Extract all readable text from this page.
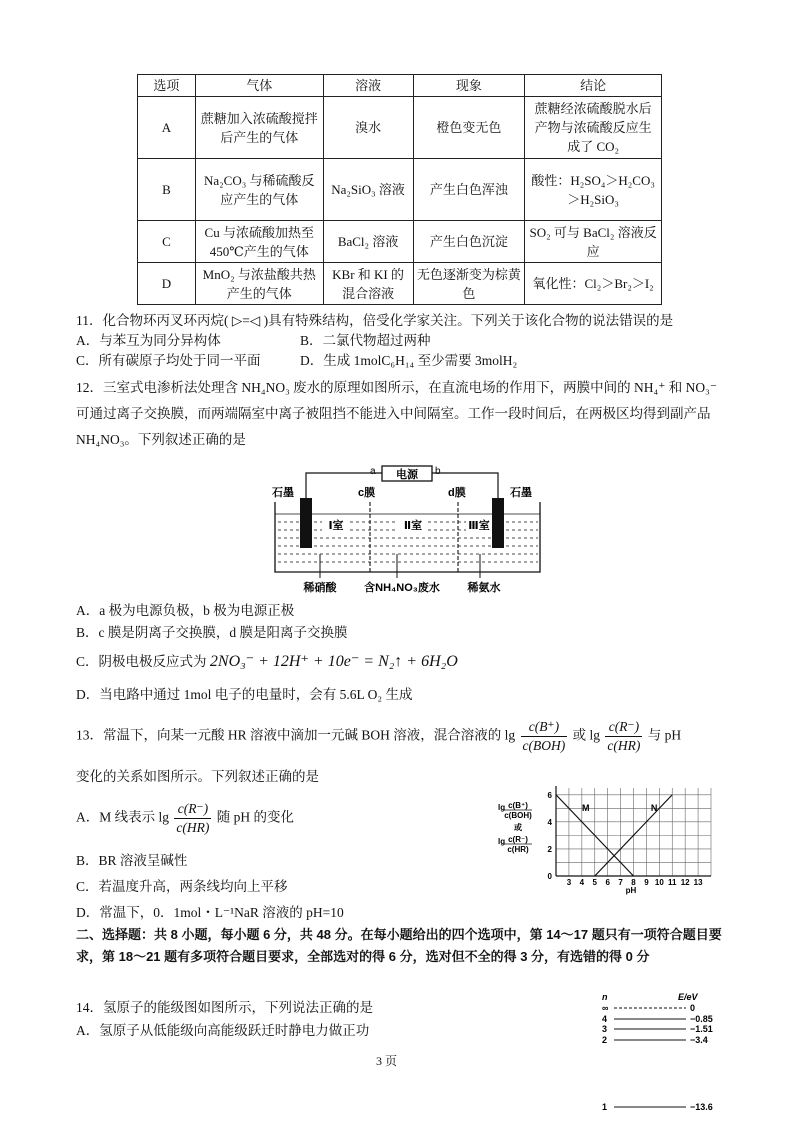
选项	气体	溶液	现象	结论
A	蔗糖加入浓硫酸搅拌后产生的气体	溴水	橙色变无色	蔗糖经浓硫酸脱水后产物与浓硫酸反应生成了 CO₂
B	Na₂CO₃ 与稀硫酸反应产生的气体	Na₂SiO₃ 溶液	产生白色浑浊	酸性：H₂SO₄＞H₂CO₃＞H₂SiO₃
C	Cu 与浓硫酸加热至 450℃产生的气体	BaCl₂ 溶液	产生白色沉淀	SO₂ 可与 BaCl₂ 溶液反应
D	MnO₂ 与浓盐酸共热产生的气体	KBr 和 KI 的混合溶液	无色逐渐变为棕黄色	氧化性：Cl₂＞Br₂＞I₂
11．化合物环丙叉环丙烷( ▷=◁ )具有特殊结构，倍受化学家关注。下列关于该化合物的说法错误的是
A．与苯互为同分异构体	B．二氯代物超过两种
C．所有碳原子均处于同一平面	D．生成 1molC₆H₁₄ 至少需要 3molH₂
12．三室式电渗析法处理含 NH₄NO₃ 废水的原理如图所示，在直流电场的作用下，两膜中间的 NH₄⁺ 和 NO₃⁻ 可通过离子交换膜，而两端隔室中离子被阻挡不能进入中间隔室。工作一段时间后，在两极区均得到副产品 NH₄NO₃。下列叙述正确的是
电源
a	b
石墨	石墨
c膜	d膜
Ⅰ室	Ⅱ室	Ⅲ室
稀硝酸	含NH₄NO₃废水	稀氨水
A．a 极为电源负极，b 极为电源正极
B．c 膜是阴离子交换膜，d 膜是阳离子交换膜
C．阴极电极反应式为 2NO₃⁻ + 12H⁺ + 10e⁻ = N₂↑ + 6H₂O
D．当电路中通过 1mol 电子的电量时，会有 5.6L O₂ 生成
13．常温下，向某一元酸 HR 溶液中滴加一元碱 BOH 溶液，混合溶液的 $\lg \frac{c(B^+)}{\text{c(BOH)}}$ 或 $\lg \frac{c(R^-)}{c(HR)}$ 与 pH
变化的关系如图所示。下列叙述正确的是
A．M 线表示 $\lg \frac{c(R^-)}{c(HR)}$ 随 pH 的变化
B．BR 溶液呈碱性
C．若温度升高，两条线均向上平移
D．常温下，0．1mol・L⁻¹NaR 溶液的 pH=10
c(B⁺)
c(BOH)
或
c(R⁻)
c(HR)
lg
lg
3 4 5 6 7 8 9 10 11 12 13
0
2
4
6
pH
M	N
二、选择题：共 8 小题，每小题 6 分，共 48 分。在每小题给出的四个选项中，第 14～17 题只有一项符合题目要求，第 18～21 题有多项符合题目要求，全部选对的得 6 分，选对但不全的得 3 分，有选错的得 0 分
14．氢原子的能级图如图所示，下列说法正确的是
A．氢原子从低能级向高能级跃迁时静电力做正功
n	E/eV
∞	0
4	−0.85
3	−1.51
2	−3.4
1	−13.6
3 页
